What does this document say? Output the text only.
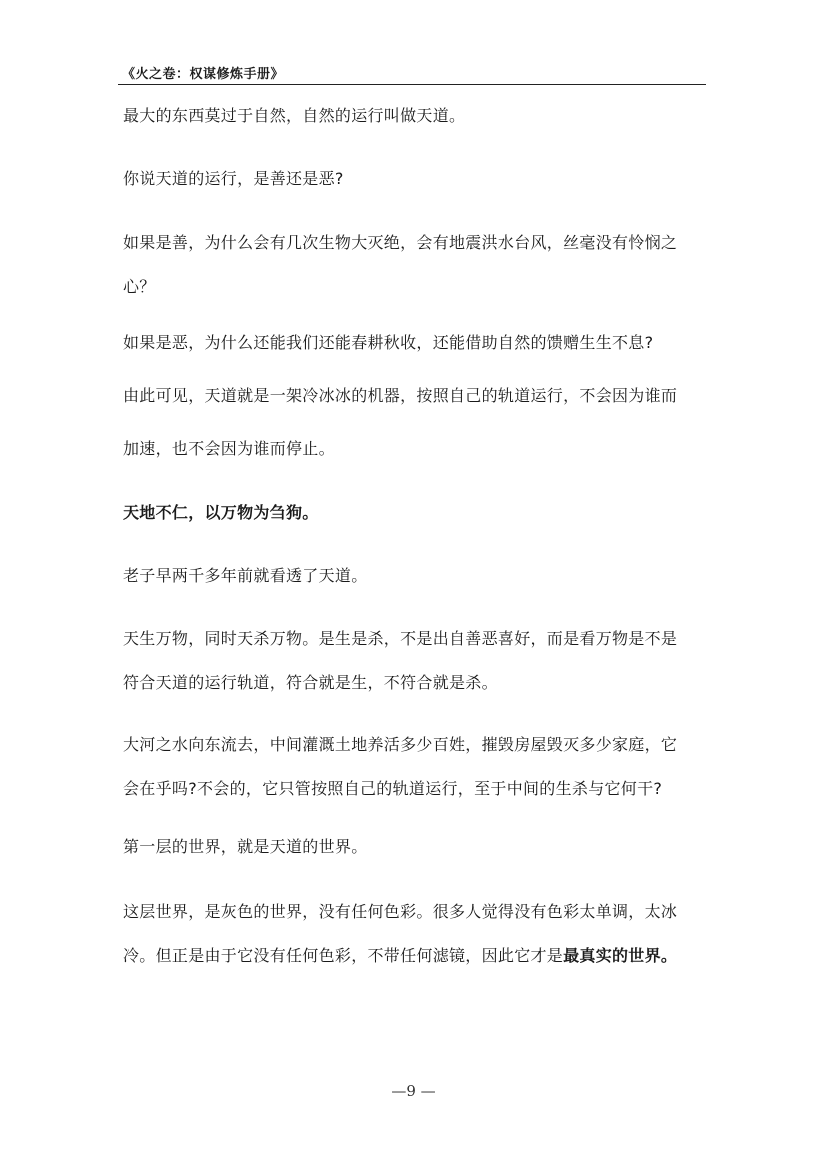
《火之卷：权谋修炼手册》
最大的东西莫过于自然，自然的运行叫做天道。
你说天道的运行，是善还是恶?
如果是善，为什么会有几次生物大灭绝，会有地震洪水台风，丝毫没有怜悯之
心？
如果是恶，为什么还能我们还能春耕秋收，还能借助自然的馈赠生生不息?
由此可见，天道就是一架冷冰冰的机器，按照自己的轨道运行，不会因为谁而
加速，也不会因为谁而停止。
天地不仁，以万物为刍狗。
老子早两千多年前就看透了天道。
天生万物，同时天杀万物。是生是杀，不是出自善恶喜好，而是看万物是不是
符合天道的运行轨道，符合就是生，不符合就是杀。
大河之水向东流去，中间灌溉土地养活多少百姓，摧毁房屋毁灭多少家庭，它
会在乎吗?不会的，它只管按照自己的轨道运行，至于中间的生杀与它何干?
第一层的世界，就是天道的世界。
这层世界，是灰色的世界，没有任何色彩。很多人觉得没有色彩太单调，太冰
冷。但正是由于它没有任何色彩，不带任何滤镜，因此它才是最真实的世界。
—9 —
